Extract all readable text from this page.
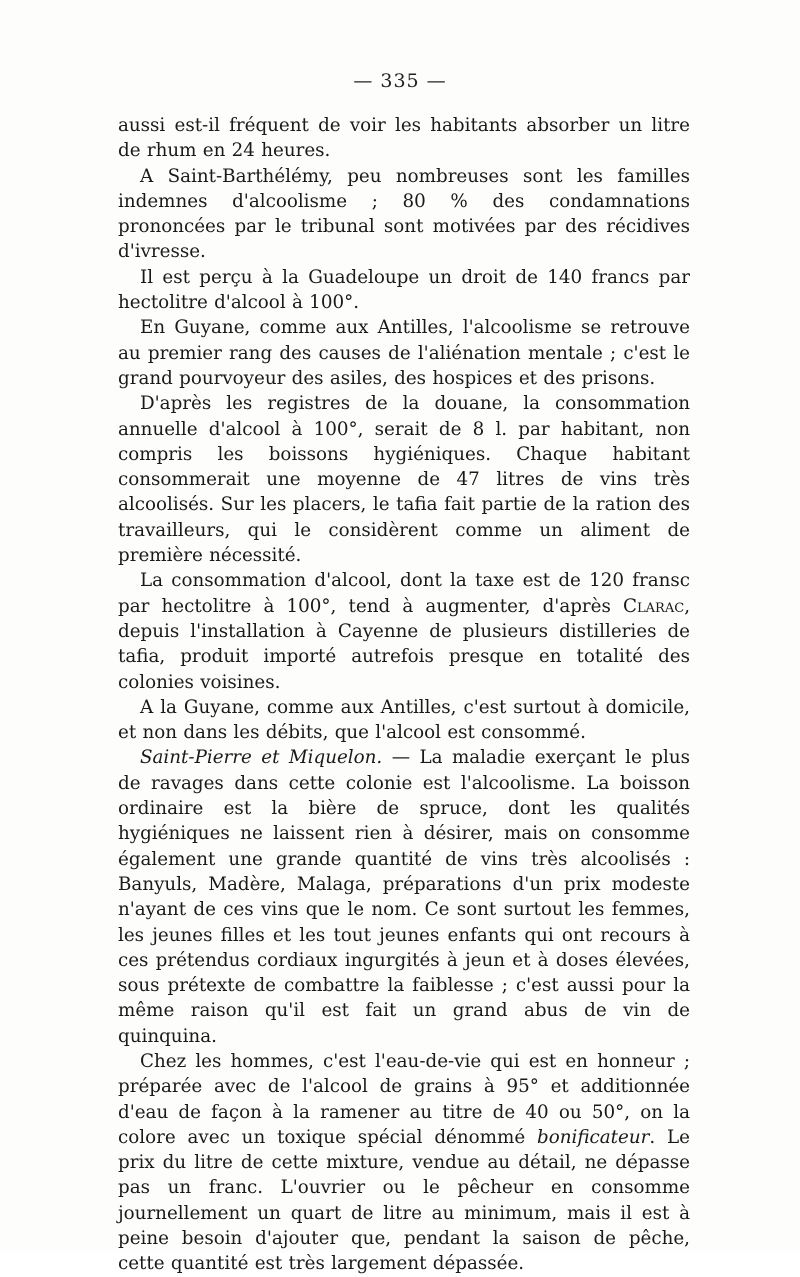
— 335 —

aussi est-il fréquent de voir les habitants absorber un litre de rhum en 24 heures.

A Saint-Barthélémy, peu nombreuses sont les familles indemnes d'alcoolisme ; 80 % des condamnations prononcées par le tribunal sont motivées par des récidives d'ivresse.

Il est perçu à la Guadeloupe un droit de 140 francs par hectolitre d'alcool à 100°.

En Guyane, comme aux Antilles, l'alcoolisme se retrouve au premier rang des causes de l'aliénation mentale ; c'est le grand pourvoyeur des asiles, des hospices et des prisons.

D'après les registres de la douane, la consommation annuelle d'alcool à 100°, serait de 8 l. par habitant, non compris les boissons hygiéniques. Chaque habitant consommerait une moyenne de 47 litres de vins très alcoolisés. Sur les placers, le tafia fait partie de la ration des travailleurs, qui le considèrent comme un aliment de première nécessité.

La consommation d'alcool, dont la taxe est de 120 fransc par hectolitre à 100°, tend à augmenter, d'après Clarac, depuis l'installation à Cayenne de plusieurs distilleries de tafia, produit importé autrefois presque en totalité des colonies voisines.

A la Guyane, comme aux Antilles, c'est surtout à domicile, et non dans les débits, que l'alcool est consommé.

Saint-Pierre et Miquelon. — La maladie exerçant le plus de ravages dans cette colonie est l'alcoolisme. La boisson ordinaire est la bière de spruce, dont les qualités hygiéniques ne laissent rien à désirer, mais on consomme également une grande quantité de vins très alcoolisés : Banyuls, Madère, Malaga, préparations d'un prix modeste n'ayant de ces vins que le nom. Ce sont surtout les femmes, les jeunes filles et les tout jeunes enfants qui ont recours à ces prétendus cordiaux ingurgités à jeun et à doses élevées, sous prétexte de combattre la faiblesse ; c'est aussi pour la même raison qu'il est fait un grand abus de vin de quinquina.

Chez les hommes, c'est l'eau-de-vie qui est en honneur ; préparée avec de l'alcool de grains à 95° et additionnée d'eau de façon à la ramener au titre de 40 ou 50°, on la colore avec un toxique spécial dénommé bonificateur. Le prix du litre de cette mixture, vendue au détail, ne dépasse pas un franc. L'ouvrier ou le pêcheur en consomme journellement un quart de litre au minimum, mais il est à peine besoin d'ajouter que, pendant la saison de pêche, cette quantité est très largement dépassée.
